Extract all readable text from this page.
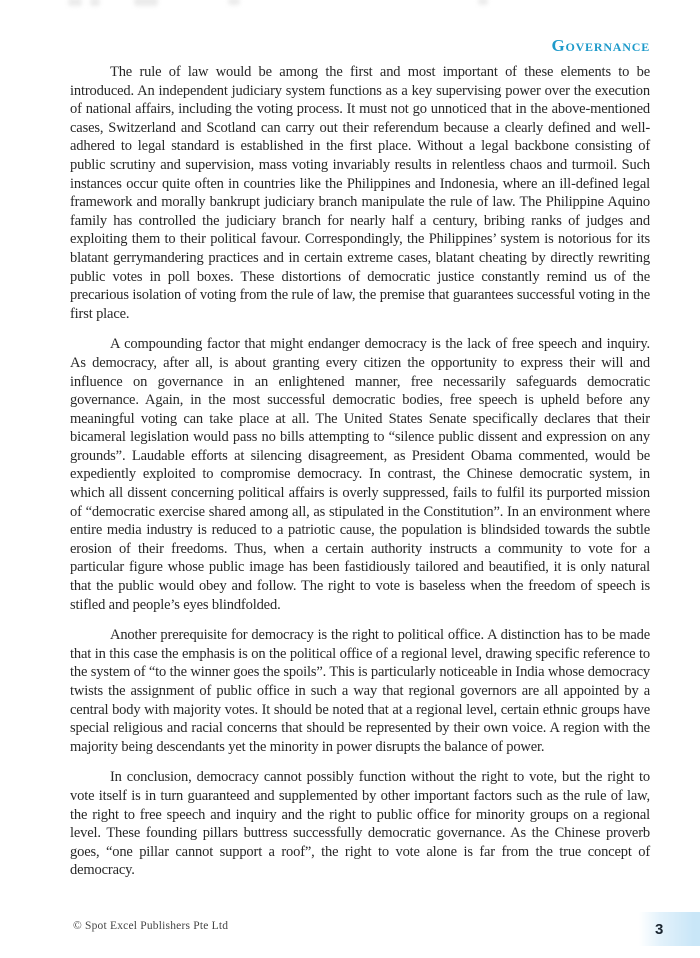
Governance

The rule of law would be among the first and most important of these elements to be introduced. An independent judiciary system functions as a key supervising power over the execution of national affairs, including the voting process. It must not go unnoticed that in the above-mentioned cases, Switzerland and Scotland can carry out their referendum because a clearly defined and well-adhered to legal standard is established in the first place. Without a legal backbone consisting of public scrutiny and supervision, mass voting invariably results in relentless chaos and turmoil. Such instances occur quite often in countries like the Philippines and Indonesia, where an ill-defined legal framework and morally bankrupt judiciary branch manipulate the rule of law. The Philippine Aquino family has controlled the judiciary branch for nearly half a century, bribing ranks of judges and exploiting them to their political favour. Correspondingly, the Philippines’ system is notorious for its blatant gerrymandering practices and in certain extreme cases, blatant cheating by directly rewriting public votes in poll boxes. These distortions of democratic justice constantly remind us of the precarious isolation of voting from the rule of law, the premise that guarantees successful voting in the first place.

A compounding factor that might endanger democracy is the lack of free speech and inquiry. As democracy, after all, is about granting every citizen the opportunity to express their will and influence on governance in an enlightened manner, free necessarily safeguards democratic governance. Again, in the most successful democratic bodies, free speech is upheld before any meaningful voting can take place at all. The United States Senate specifically declares that their bicameral legislation would pass no bills attempting to “silence public dissent and expression on any grounds”. Laudable efforts at silencing disagreement, as President Obama commented, would be expediently exploited to compromise democracy. In contrast, the Chinese democratic system, in which all dissent concerning political affairs is overly suppressed, fails to fulfil its purported mission of “democratic exercise shared among all, as stipulated in the Constitution”. In an environment where entire media industry is reduced to a patriotic cause, the population is blindsided towards the subtle erosion of their freedoms. Thus, when a certain authority instructs a community to vote for a particular figure whose public image has been fastidiously tailored and beautified, it is only natural that the public would obey and follow. The right to vote is baseless when the freedom of speech is stifled and people’s eyes blindfolded.

Another prerequisite for democracy is the right to political office. A distinction has to be made that in this case the emphasis is on the political office of a regional level, drawing specific reference to the system of “to the winner goes the spoils”. This is particularly noticeable in India whose democracy twists the assignment of public office in such a way that regional governors are all appointed by a central body with majority votes. It should be noted that at a regional level, certain ethnic groups have special religious and racial concerns that should be represented by their own voice. A region with the majority being descendants yet the minority in power disrupts the balance of power.

In conclusion, democracy cannot possibly function without the right to vote, but the right to vote itself is in turn guaranteed and supplemented by other important factors such as the rule of law, the right to free speech and inquiry and the right to public office for minority groups on a regional level. These founding pillars buttress successfully democratic governance. As the Chinese proverb goes, “one pillar cannot support a roof”, the right to vote alone is far from the true concept of democracy.

© Spot Excel Publishers Pte Ltd	3
